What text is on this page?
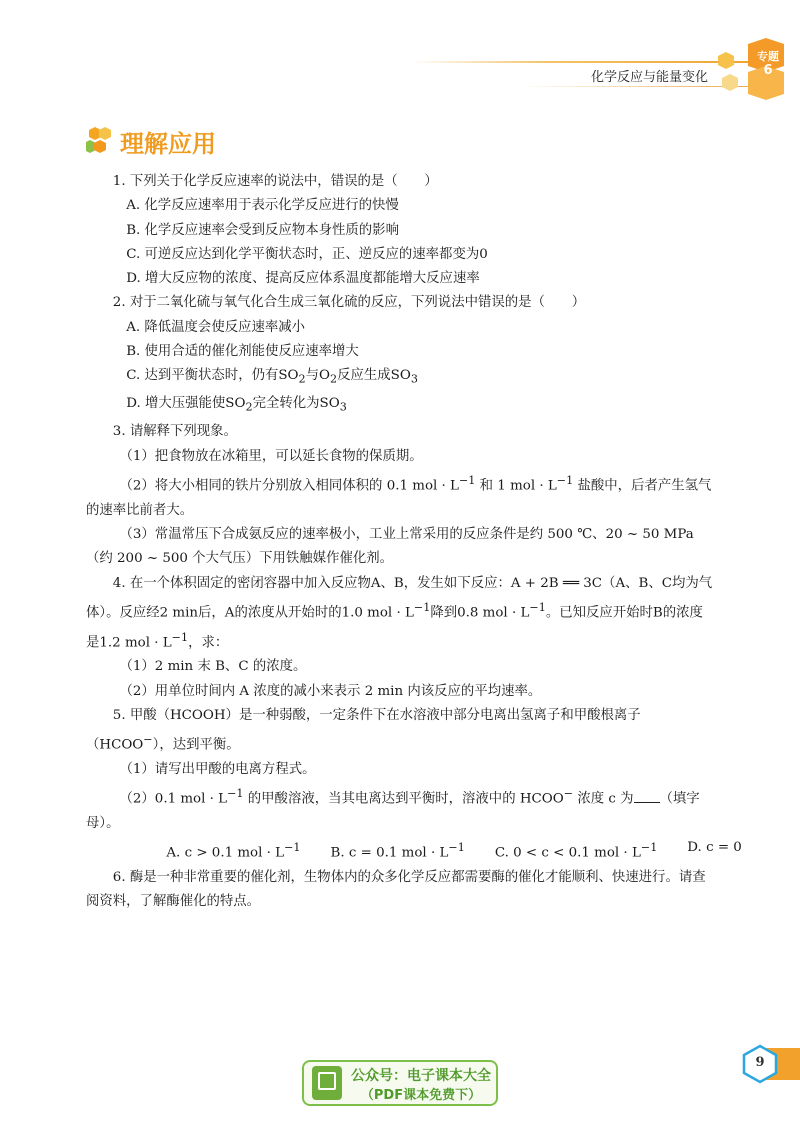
化学反应与能量变化
专题
6
理解应用

1. 下列关于化学反应速率的说法中，错误的是（　　）

A. 化学反应速率用于表示化学反应进行的快慢

B. 化学反应速率会受到反应物本身性质的影响

C. 可逆反应达到化学平衡状态时，正、逆反应的速率都变为0

D. 增大反应物的浓度、提高反应体系温度都能增大反应速率

2. 对于二氧化硫与氧气化合生成三氧化硫的反应，下列说法中错误的是（　　）

A. 降低温度会使反应速率减小

B. 使用合适的催化剂能使反应速率增大

C. 达到平衡状态时，仍有$SO_2$与$O_2$反应生成$SO_3$

D. 增大压强能使$SO_2$完全转化为$SO_3$

3. 请解释下列现象。

（1）把食物放在冰箱里，可以延长食物的保质期。

（2）将大小相同的铁片分别放入相同体积的 0.1 mol · $L^{-1}$ 和 1 mol · $L^{-1}$ 盐酸中，后者产生氢气的速率比前者大。

（3）常温常压下合成氨反应的速率极小，工业上常采用的反应条件是约 500 ℃、20 ~ 50 MPa（约 200 ~ 500 个大气压）下用铁触媒作催化剂。

4. 在一个体积固定的密闭容器中加入反应物A、B，发生如下反应：A + 2B ══ 3C（A、B、C均为气体）。反应经2 min后，A的浓度从开始时的1.0 mol · $L^{-1}$降到0.8 mol · $L^{-1}$。已知反应开始时B的浓度是1.2 mol · $L^{-1}$，求：

（1）2 min 末 B、C 的浓度。

（2）用单位时间内 A 浓度的减小来表示 2 min 内该反应的平均速率。

5. 甲酸（HCOOH）是一种弱酸，一定条件下在水溶液中部分电离出氢离子和甲酸根离子（HCOO−），达到平衡。

（1）请写出甲酸的电离方程式。

（2）0.1 mol · $L^{-1}$ 的甲酸溶液，当其电离达到平衡时，溶液中的 HCOO− 浓度 c 为 （填字母）。

A. c > 0.1 mol · $L^{-1}$ B. c = 0.1 mol · $L^{-1}$ C. 0 < c < 0.1 mol · $L^{-1}$ D. c = 0

6. 酶是一种非常重要的催化剂，生物体内的众多化学反应都需要酶的催化才能顺利、快速进行。请查阅资料，了解酶催化的特点。

公众号：电子课本大全
（PDF课本免费下）
9
